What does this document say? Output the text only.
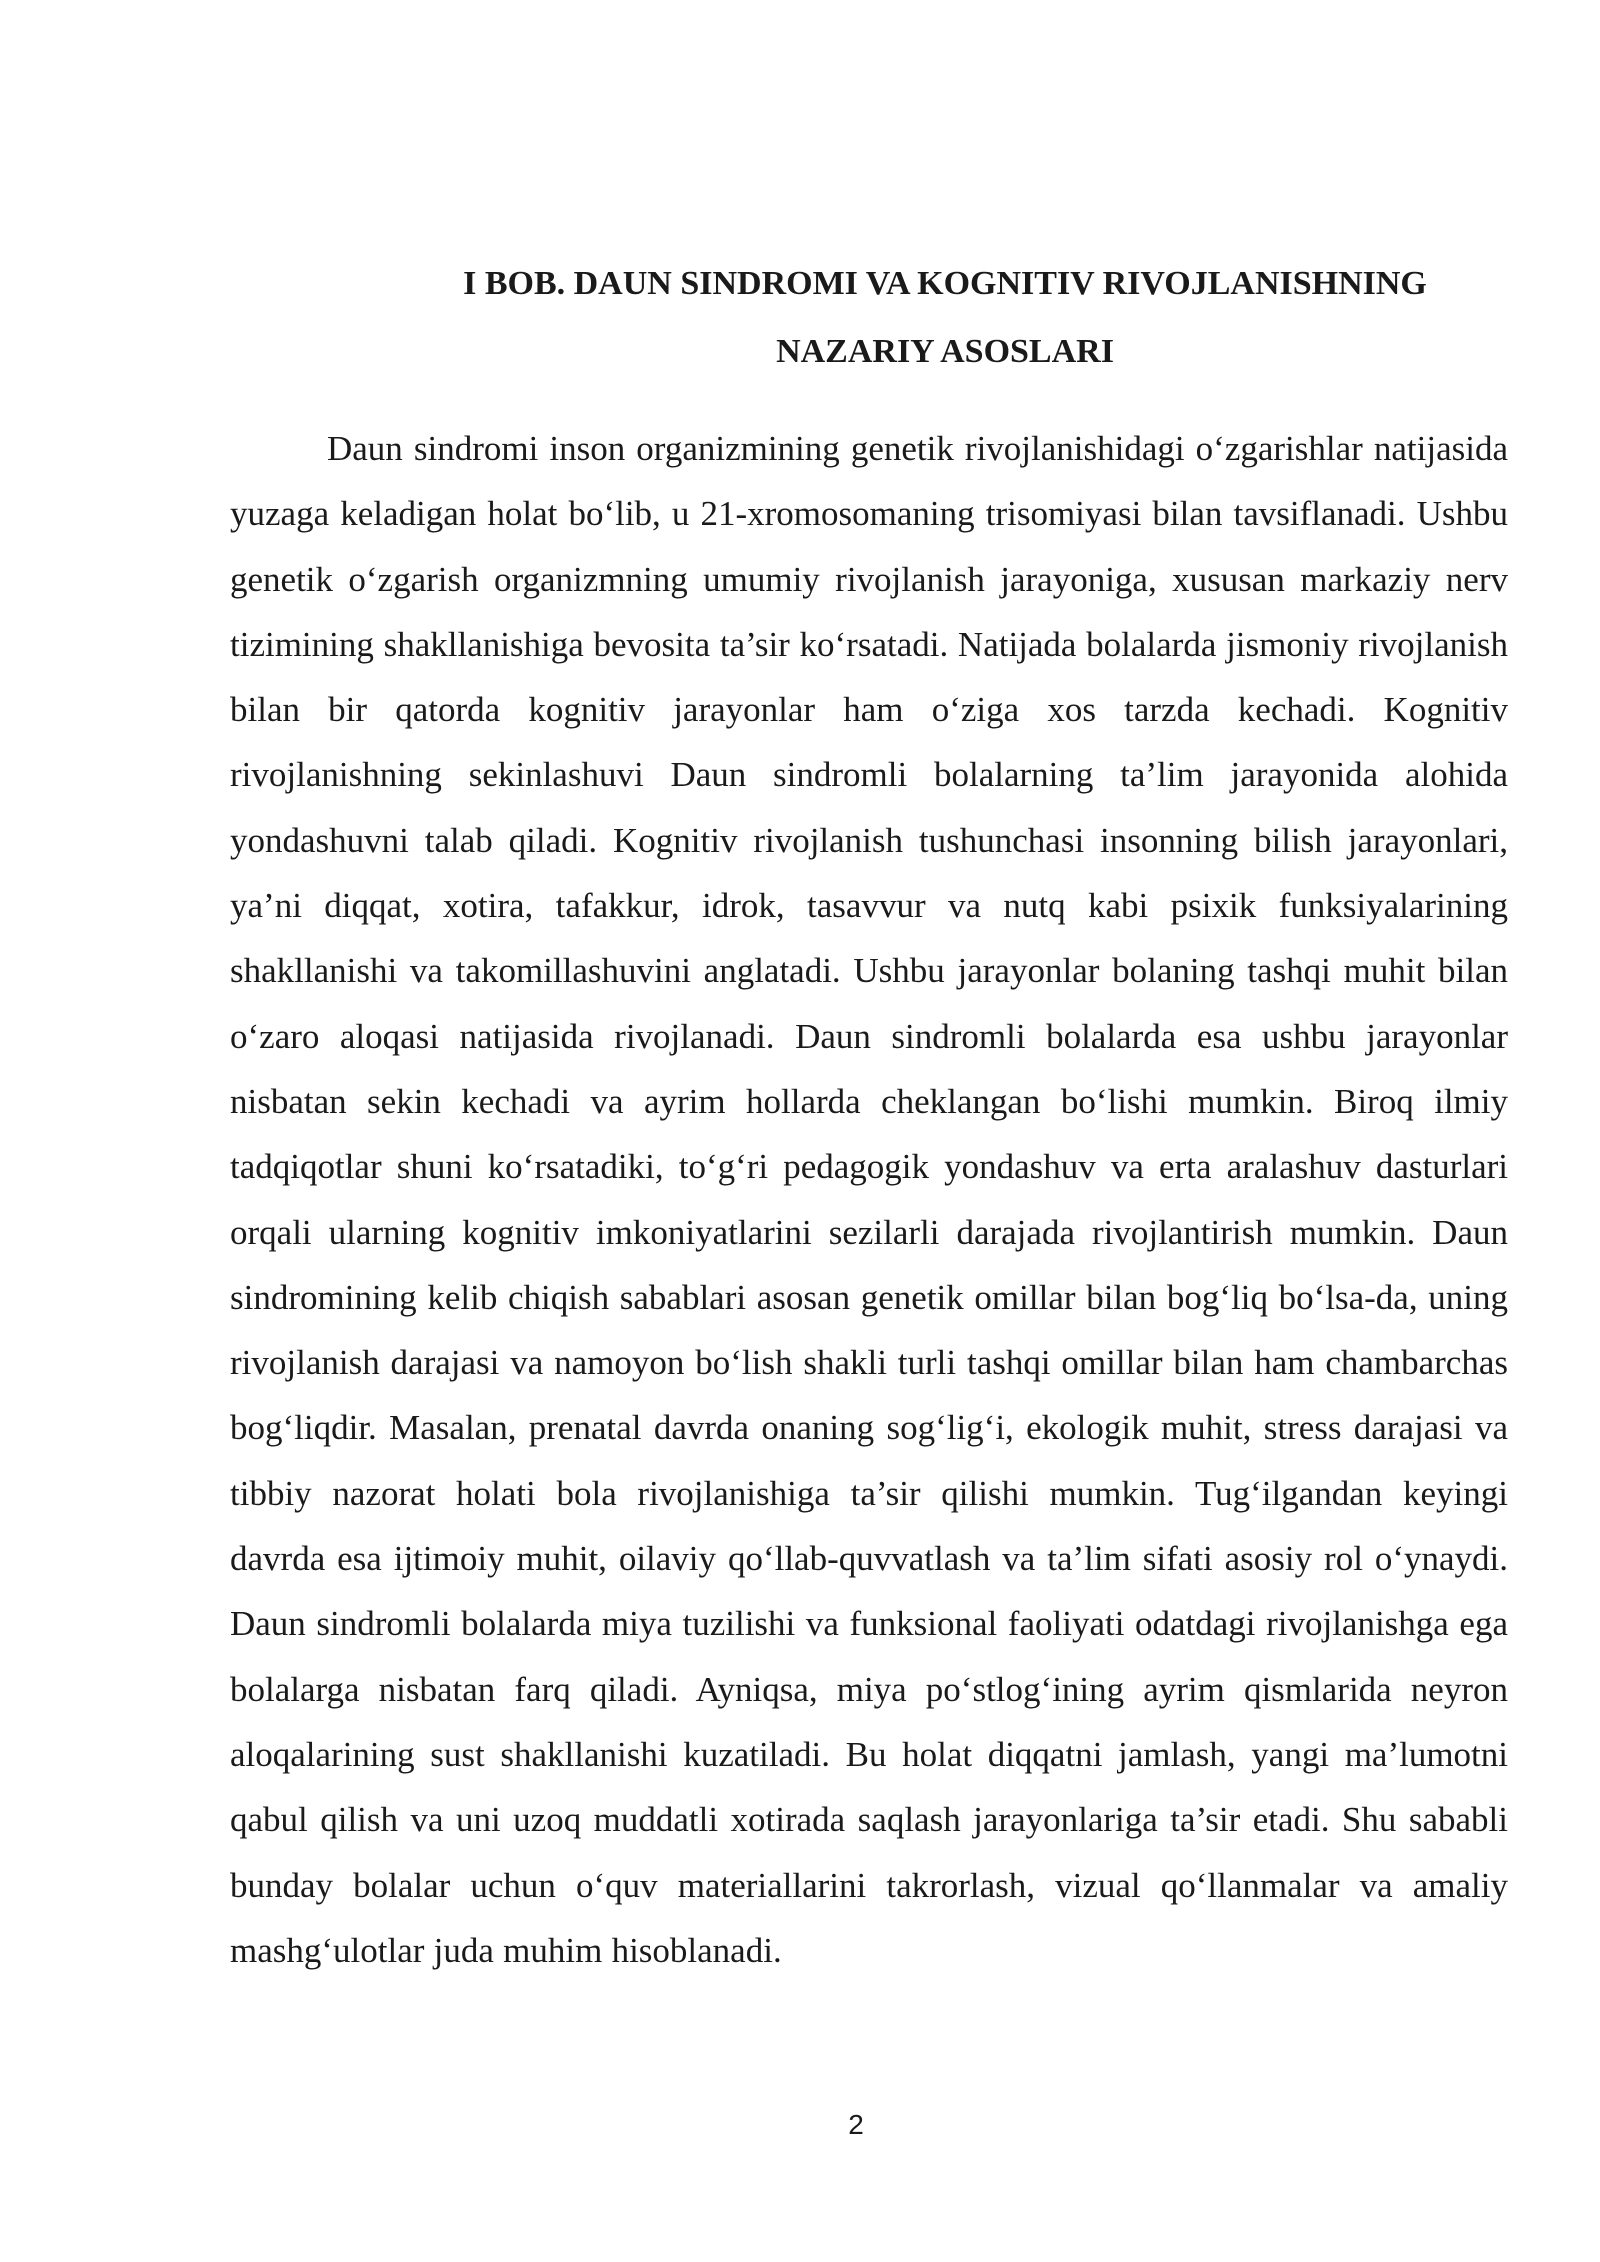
I BOB. DAUN SINDROMI VA KOGNITIV RIVOJLANISHNING
NAZARIY ASOSLARI

Daun sindromi inson organizmining genetik rivojlanishidagi o‘zgarishlar natijasida yuzaga keladigan holat bo‘lib, u 21-xromosomaning trisomiyasi bilan tavsiflanadi. Ushbu genetik o‘zgarish organizmning umumiy rivojlanish jarayoniga, xususan markaziy nerv tizimining shakllanishiga bevosita ta’sir ko‘rsatadi. Natijada bolalarda jismoniy rivojlanish bilan bir qatorda kognitiv jarayonlar ham o‘ziga xos tarzda kechadi. Kognitiv rivojlanishning sekinlashuvi Daun sindromli bolalarning ta’lim jarayonida alohida yondashuvni talab qiladi. Kognitiv rivojlanish tushunchasi insonning bilish jarayonlari, ya’ni diqqat, xotira, tafakkur, idrok, tasavvur va nutq kabi psixik funksiyalarining shakllanishi va takomillashuvini anglatadi. Ushbu jarayonlar bolaning tashqi muhit bilan o‘zaro aloqasi natijasida rivojlanadi. Daun sindromli bolalarda esa ushbu jarayonlar nisbatan sekin kechadi va ayrim hollarda cheklangan bo‘lishi mumkin. Biroq ilmiy tadqiqotlar shuni ko‘rsatadiki, to‘g‘ri pedagogik yondashuv va erta aralashuv dasturlari orqali ularning kognitiv imkoniyatlarini sezilarli darajada rivojlantirish mumkin. Daun sindromining kelib chiqish sabablari asosan genetik omillar bilan bog‘liq bo‘lsa-da, uning rivojlanish darajasi va namoyon bo‘lish shakli turli tashqi omillar bilan ham chambarchas bog‘liqdir. Masalan, prenatal davrda onaning sog‘lig‘i, ekologik muhit, stress darajasi va tibbiy nazorat holati bola rivojlanishiga ta’sir qilishi mumkin. Tug‘ilgandan keyingi davrda esa ijtimoiy muhit, oilaviy qo‘llab-quvvatlash va ta’lim sifati asosiy rol o‘ynaydi. Daun sindromli bolalarda miya tuzilishi va funksional faoliyati odatdagi rivojlanishga ega bolalarga nisbatan farq qiladi. Ayniqsa, miya po‘stlog‘ining ayrim qismlarida neyron aloqalarining sust shakllanishi kuzatiladi. Bu holat diqqatni jamlash, yangi ma’lumotni qabul qilish va uni uzoq muddatli xotirada saqlash jarayonlariga ta’sir etadi. Shu sababli bunday bolalar uchun o‘quv materiallarini takrorlash, vizual qo‘llanmalar va amaliy mashg‘ulotlar juda muhim hisoblanadi.

2
